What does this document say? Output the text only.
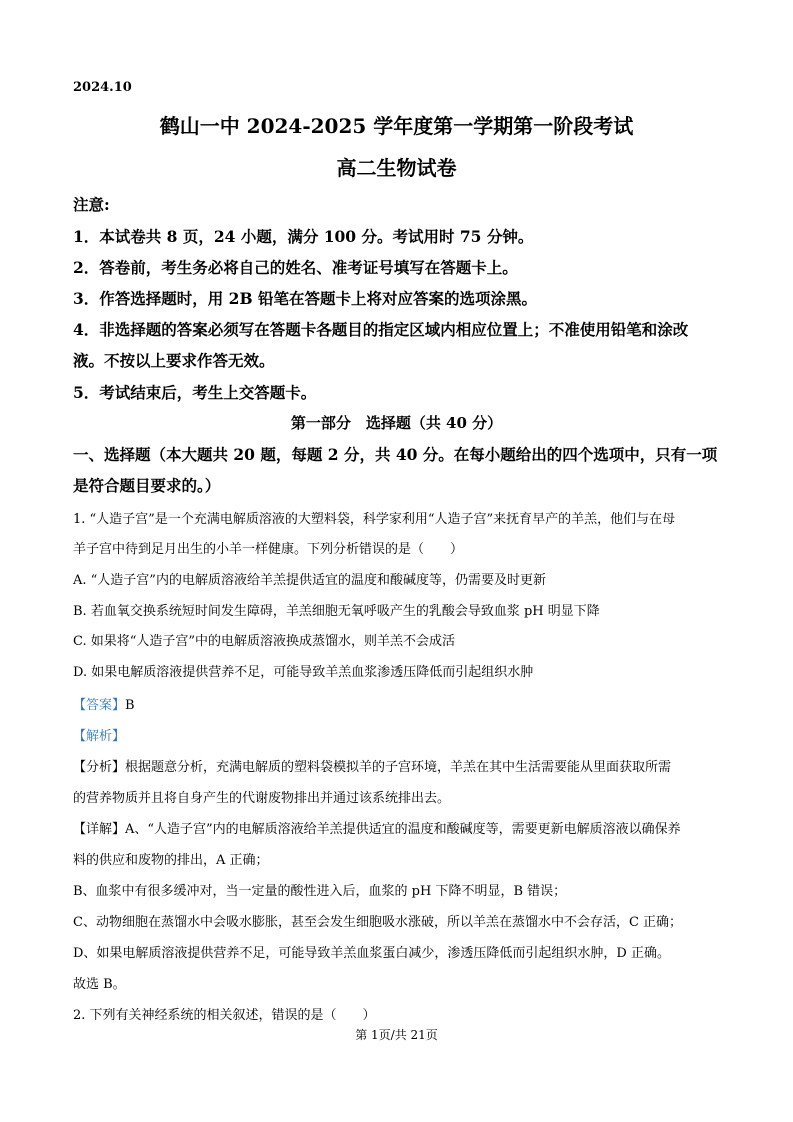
2024.10
鹤山一中 2024-2025 学年度第一学期第一阶段考试
高二生物试卷
注意:
1．本试卷共 8 页，24 小题，满分 100 分。考试用时 75 分钟。
2．答卷前，考生务必将自己的姓名、准考证号填写在答题卡上。
3．作答选择题时，用 2B 铅笔在答题卡上将对应答案的选项涂黑。
4．非选择题的答案必须写在答题卡各题目的指定区域内相应位置上；不准使用铅笔和涂改
液。不按以上要求作答无效。
5．考试结束后，考生上交答题卡。
第一部分　选择题（共 40 分）
一、选择题（本大题共 20 题，每题 2 分，共 40 分。在每小题给出的四个选项中，只有一项
是符合题目要求的。）
1. “人造子宫”是一个充满电解质溶液的大塑料袋，科学家利用“人造子宫”来抚育早产的羊羔，他们与在母
羊子宫中待到足月出生的小羊一样健康。下列分析错误的是（　　）
A. “人造子宫”内的电解质溶液给羊羔提供适宜的温度和酸碱度等，仍需要及时更新
B. 若血氧交换系统短时间发生障碍，羊羔细胞无氧呼吸产生的乳酸会导致血浆 pH 明显下降
C. 如果将“人造子宫”中的电解质溶液换成蒸馏水，则羊羔不会成活
D. 如果电解质溶液提供营养不足，可能导致羊羔血浆渗透压降低而引起组织水肿
【答案】B
【解析】
【分析】根据题意分析，充满电解质的塑料袋模拟羊的子宫环境，羊羔在其中生活需要能从里面获取所需
的营养物质并且将自身产生的代谢废物排出并通过该系统排出去。
【详解】A、“人造子宫”内的电解质溶液给羊羔提供适宜的温度和酸碱度等，需要更新电解质溶液以确保养
料的供应和废物的排出，A 正确；
B、血浆中有很多缓冲对，当一定量的酸性进入后，血浆的 pH 下降不明显，B 错误；
C、动物细胞在蒸馏水中会吸水膨胀，甚至会发生细胞吸水涨破，所以羊羔在蒸馏水中不会存活，C 正确；
D、如果电解质溶液提供营养不足，可能导致羊羔血浆蛋白减少，渗透压降低而引起组织水肿，D 正确。
故选 B。
2. 下列有关神经系统的相关叙述，错误的是（　　）
第 1页/共 21页
